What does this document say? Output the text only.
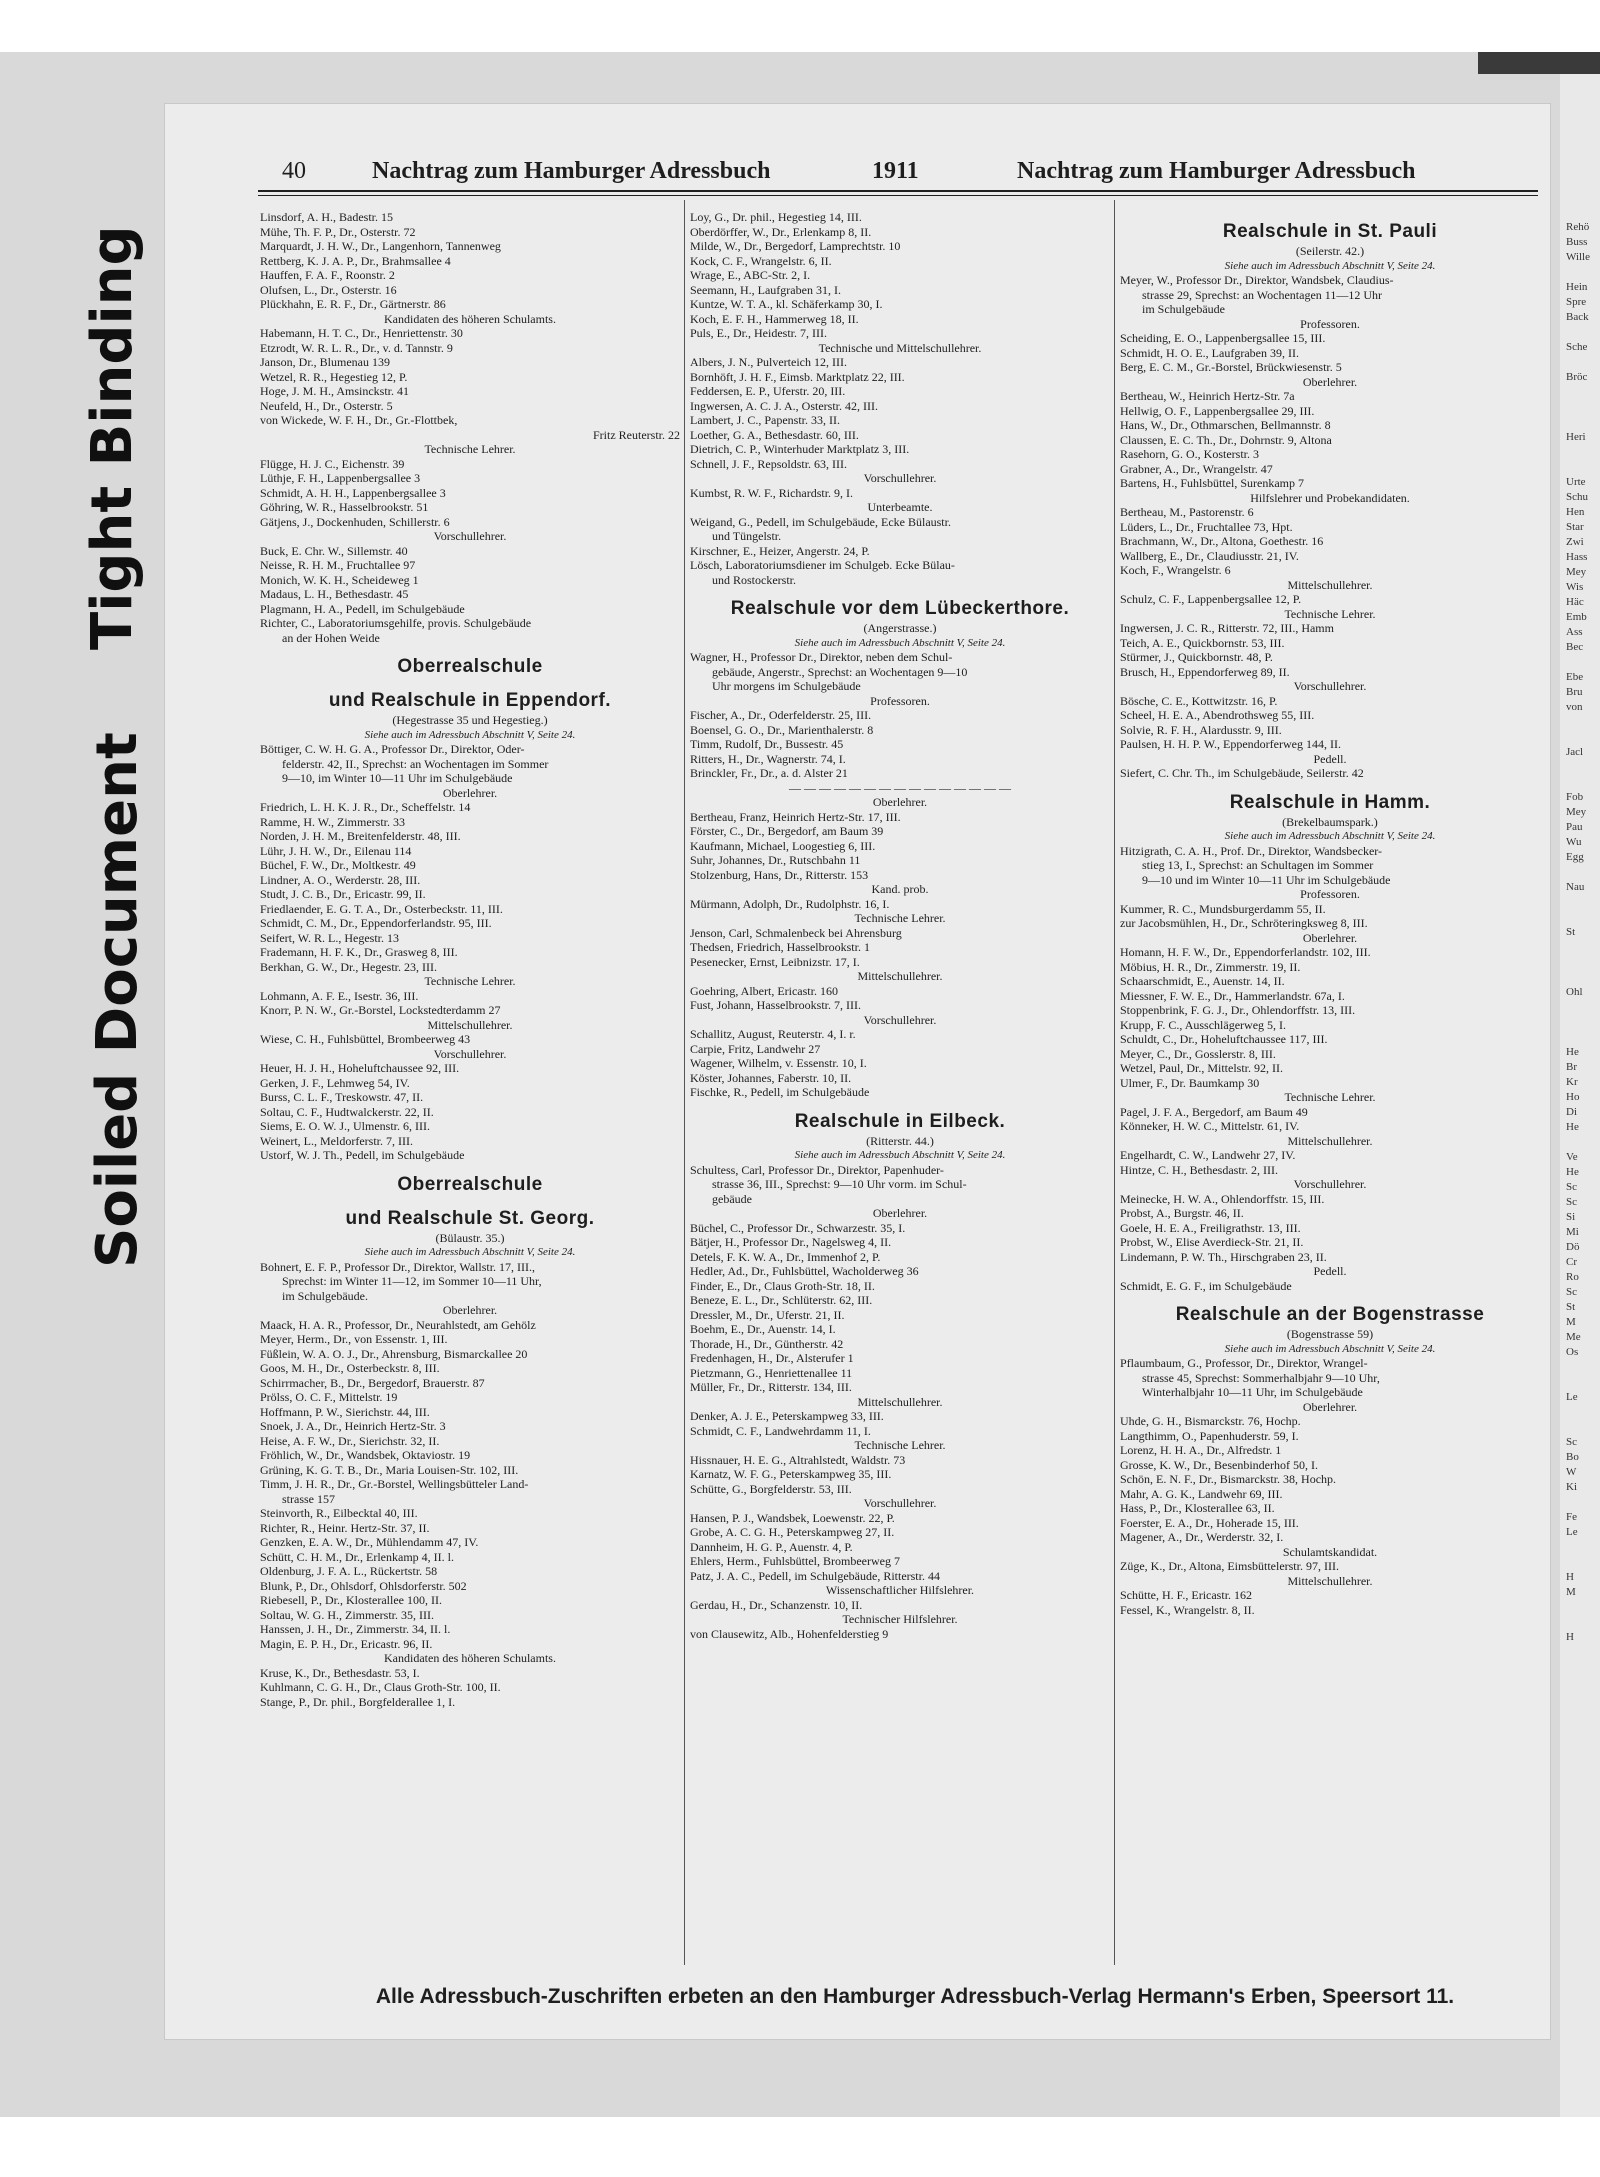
Tight Binding
Soiled Document
40	Nachtrag zum Hamburger Adressbuch	1911	Nachtrag zum Hamburger Adressbuch
Linsdorf, A. H., Badestr. 15
Mühe, Th. F. P., Dr., Osterstr. 72
Marquardt, J. H. W., Dr., Langenhorn, Tannenweg
Rettberg, K. J. A. P., Dr., Brahmsallee 4
Hauffen, F. A. F., Roonstr. 2
Olufsen, L., Dr., Osterstr. 16
Plückhahn, E. R. F., Dr., Gärtnerstr. 86
Kandidaten des höheren Schulamts.
Habemann, H. T. C., Dr., Henriettenstr. 30
Etzrodt, W. R. L. R., Dr., v. d. Tannstr. 9
Janson, Dr., Blumenau 139
Wetzel, R. R., Hegestieg 12, P.
Hoge, J. M. H., Amsinckstr. 41
Neufeld, H., Dr., Osterstr. 5
von Wickede, W. F. H., Dr., Gr.-Flottbek,
Fritz Reuterstr. 22
Technische Lehrer.
Flügge, H. J. C., Eichenstr. 39
Lüthje, F. H., Lappenbergsallee 3
Schmidt, A. H. H., Lappenbergsallee 3
Göhring, W. R., Hasselbrookstr. 51
Gätjens, J., Dockenhuden, Schillerstr. 6
Vorschullehrer.
Buck, E. Chr. W., Sillemstr. 40
Neisse, R. H. M., Fruchtallee 97
Monich, W. K. H., Scheideweg 1
Madaus, L. H., Bethesdastr. 45
Plagmann, H. A., Pedell, im Schulgebäude
Richter, C., Laboratoriumsgehilfe, provis. Schulgebäude
an der Hohen Weide
Oberrealschule
und Realschule in Eppendorf.
(Hegestrasse 35 und Hegestieg.)
Siehe auch im Adressbuch Abschnitt V, Seite 24.
Böttiger, C. W. H. G. A., Professor Dr., Direktor, Oder-
felderstr. 42, II., Sprechst: an Wochentagen im Sommer
9—10, im Winter 10—11 Uhr im Schulgebäude
Oberlehrer.
Friedrich, L. H. K. J. R., Dr., Scheffelstr. 14
Ramme, H. W., Zimmerstr. 33
Norden, J. H. M., Breitenfelderstr. 48, III.
Lühr, J. H. W., Dr., Eilenau 114
Büchel, F. W., Dr., Moltkestr. 49
Lindner, A. O., Werderstr. 28, III.
Studt, J. C. B., Dr., Ericastr. 99, II.
Friedlaender, E. G. T. A., Dr., Osterbeckstr. 11, III.
Schmidt, C. M., Dr., Eppendorferlandstr. 95, III.
Seifert, W. R. L., Hegestr. 13
Frademann, H. F. K., Dr., Grasweg 8, III.
Berkhan, G. W., Dr., Hegestr. 23, III.
Technische Lehrer.
Lohmann, A. F. E., Isestr. 36, III.
Knorr, P. N. W., Gr.-Borstel, Lockstedterdamm 27
Mittelschullehrer.
Wiese, C. H., Fuhlsbüttel, Brombeerweg 43
Vorschullehrer.
Heuer, H. J. H., Hoheluftchaussee 92, III.
Gerken, J. F., Lehmweg 54, IV.
Burss, C. L. F., Treskowstr. 47, II.
Soltau, C. F., Hudtwalckerstr. 22, II.
Siems, E. O. W. J., Ulmenstr. 6, III.
Weinert, L., Meldorferstr. 7, III.
Ustorf, W. J. Th., Pedell, im Schulgebäude
Oberrealschule
und Realschule St. Georg.
(Bülaustr. 35.)
Siehe auch im Adressbuch Abschnitt V, Seite 24.
Bohnert, E. F. P., Professor Dr., Direktor, Wallstr. 17, III.,
Sprechst: im Winter 11—12, im Sommer 10—11 Uhr,
im Schulgebäude.
Oberlehrer.
Maack, H. A. R., Professor, Dr., Neurahlstedt, am Gehölz
Meyer, Herm., Dr., von Essenstr. 1, III.
Füßlein, W. A. O. J., Dr., Ahrensburg, Bismarckallee 20
Goos, M. H., Dr., Osterbeckstr. 8, III.
Schirrmacher, B., Dr., Bergedorf, Brauerstr. 87
Prölss, O. C. F., Mittelstr. 19
Hoffmann, P. W., Sierichstr. 44, III.
Snoek, J. A., Dr., Heinrich Hertz-Str. 3
Heise, A. F. W., Dr., Sierichstr. 32, II.
Fröhlich, W., Dr., Wandsbek, Oktaviostr. 19
Grüning, K. G. T. B., Dr., Maria Louisen-Str. 102, III.
Timm, J. H. R., Dr., Gr.-Borstel, Wellingsbütteler Land-
strasse 157
Steinvorth, R., Eilbecktal 40, III.
Richter, R., Heinr. Hertz-Str. 37, II.
Genzken, E. A. W., Dr., Mühlendamm 47, IV.
Schütt, C. H. M., Dr., Erlenkamp 4, II. l.
Oldenburg, J. F. A. L., Rückertstr. 58
Blunk, P., Dr., Ohlsdorf, Ohlsdorferstr. 502
Riebesell, P., Dr., Klosterallee 100, II.
Soltau, W. G. H., Zimmerstr. 35, III.
Hanssen, J. H., Dr., Zimmerstr. 34, II. l.
Magin, E. P. H., Dr., Ericastr. 96, II.
Kandidaten des höheren Schulamts.
Kruse, K., Dr., Bethesdastr. 53, I.
Kuhlmann, C. G. H., Dr., Claus Groth-Str. 100, II.
Stange, P., Dr. phil., Borgfelderallee 1, I.
Loy, G., Dr. phil., Hegestieg 14, III.
Oberdörffer, W., Dr., Erlenkamp 8, II.
Milde, W., Dr., Bergedorf, Lamprechtstr. 10
Kock, C. F., Wrangelstr. 6, II.
Wrage, E., ABC-Str. 2, I.
Seemann, H., Laufgraben 31, I.
Kuntze, W. T. A., kl. Schäferkamp 30, I.
Koch, E. F. H., Hammerweg 18, II.
Puls, E., Dr., Heidestr. 7, III.
Technische und Mittelschullehrer.
Albers, J. N., Pulverteich 12, III.
Bornhöft, J. H. F., Eimsb. Marktplatz 22, III.
Feddersen, E. P., Uferstr. 20, III.
Ingwersen, A. C. J. A., Osterstr. 42, III.
Lambert, J. C., Papenstr. 33, II.
Loether, G. A., Bethesdastr. 60, III.
Dietrich, C. P., Winterhuder Marktplatz 3, III.
Schnell, J. F., Repsoldstr. 63, III.
Vorschullehrer.
Kumbst, R. W. F., Richardstr. 9, I.
Unterbeamte.
Weigand, G., Pedell, im Schulgebäude, Ecke Bülaustr.
und Tüngelstr.
Kirschner, E., Heizer, Angerstr. 24, P.
Lösch, Laboratoriumsdiener im Schulgeb. Ecke Bülau-
und Rostockerstr.
Realschule vor dem Lübeckerthore.
(Angerstrasse.)
Siehe auch im Adressbuch Abschnitt V, Seite 24.
Wagner, H., Professor Dr., Direktor, neben dem Schul-
gebäude, Angerstr., Sprechst: an Wochentagen 9—10
Uhr morgens im Schulgebäude
Professoren.
Fischer, A., Dr., Oderfelderstr. 25, III.
Boensel, G. O., Dr., Marienthalerstr. 8
Timm, Rudolf, Dr., Bussestr. 45
Ritters, H., Dr., Wagnerstr. 74, I.
Brinckler, Fr., Dr., a. d. Alster 21
— — — — — — — — — — — — — — —
Oberlehrer.
Bertheau, Franz, Heinrich Hertz-Str. 17, III.
Förster, C., Dr., Bergedorf, am Baum 39
Kaufmann, Michael, Loogestieg 6, III.
Suhr, Johannes, Dr., Rutschbahn 11
Stolzenburg, Hans, Dr., Ritterstr. 153
Kand. prob.
Mürmann, Adolph, Dr., Rudolphstr. 16, I.
Technische Lehrer.
Jenson, Carl, Schmalenbeck bei Ahrensburg
Thedsen, Friedrich, Hasselbrookstr. 1
Pesenecker, Ernst, Leibnizstr. 17, I.
Mittelschullehrer.
Goehring, Albert, Ericastr. 160
Fust, Johann, Hasselbrookstr. 7, III.
Vorschullehrer.
Schallitz, August, Reuterstr. 4, I. r.
Carpie, Fritz, Landwehr 27
Wagener, Wilhelm, v. Essenstr. 10, I.
Köster, Johannes, Faberstr. 10, II.
Fischke, R., Pedell, im Schulgebäude
Realschule in Eilbeck.
(Ritterstr. 44.)
Siehe auch im Adressbuch Abschnitt V, Seite 24.
Schultess, Carl, Professor Dr., Direktor, Papenhuder-
strasse 36, III., Sprechst: 9—10 Uhr vorm. im Schul-
gebäude
Oberlehrer.
Büchel, C., Professor Dr., Schwarzestr. 35, I.
Bätjer, H., Professor Dr., Nagelsweg 4, II.
Detels, F. K. W. A., Dr., Immenhof 2, P.
Hedler, Ad., Dr., Fuhlsbüttel, Wacholderweg 36
Finder, E., Dr., Claus Groth-Str. 18, II.
Beneze, E. L., Dr., Schlüterstr. 62, III.
Dressler, M., Dr., Uferstr. 21, II.
Boehm, E., Dr., Auenstr. 14, I.
Thorade, H., Dr., Güntherstr. 42
Fredenhagen, H., Dr., Alsterufer 1
Pietzmann, G., Henriettenallee 11
Müller, Fr., Dr., Ritterstr. 134, III.
Mittelschullehrer.
Denker, A. J. E., Peterskampweg 33, III.
Schmidt, C. F., Landwehrdamm 11, I.
Technische Lehrer.
Hissnauer, H. E. G., Altrahlstedt, Waldstr. 73
Karnatz, W. F. G., Peterskampweg 35, III.
Schütte, G., Borgfelderstr. 53, III.
Vorschullehrer.
Hansen, P. J., Wandsbek, Loewenstr. 22, P.
Grobe, A. C. G. H., Peterskampweg 27, II.
Dannheim, H. G. P., Auenstr. 4, P.
Ehlers, Herm., Fuhlsbüttel, Brombeerweg 7
Patz, J. A. C., Pedell, im Schulgebäude, Ritterstr. 44
Wissenschaftlicher Hilfslehrer.
Gerdau, H., Dr., Schanzenstr. 10, II.
Technischer Hilfslehrer.
von Clausewitz, Alb., Hohenfelderstieg 9
Realschule in St. Pauli
(Seilerstr. 42.)
Siehe auch im Adressbuch Abschnitt V, Seite 24.
Meyer, W., Professor Dr., Direktor, Wandsbek, Claudius-
strasse 29, Sprechst: an Wochentagen 11—12 Uhr
im Schulgebäude
Professoren.
Scheiding, E. O., Lappenbergsallee 15, III.
Schmidt, H. O. E., Laufgraben 39, II.
Berg, E. C. M., Gr.-Borstel, Brückwiesenstr. 5
Oberlehrer.
Bertheau, W., Heinrich Hertz-Str. 7a
Hellwig, O. F., Lappenbergsallee 29, III.
Hans, W., Dr., Othmarschen, Bellmannstr. 8
Claussen, E. C. Th., Dr., Dohrnstr. 9, Altona
Rasehorn, G. O., Kosterstr. 3
Grabner, A., Dr., Wrangelstr. 47
Bartens, H., Fuhlsbüttel, Surenkamp 7
Hilfslehrer und Probekandidaten.
Bertheau, M., Pastorenstr. 6
Lüders, L., Dr., Fruchtallee 73, Hpt.
Brachmann, W., Dr., Altona, Goethestr. 16
Wallberg, E., Dr., Claudiusstr. 21, IV.
Koch, F., Wrangelstr. 6
Mittelschullehrer.
Schulz, C. F., Lappenbergsallee 12, P.
Technische Lehrer.
Ingwersen, J. C. R., Ritterstr. 72, III., Hamm
Teich, A. E., Quickbornstr. 53, III.
Stürmer, J., Quickbornstr. 48, P.
Brusch, H., Eppendorferweg 89, II.
Vorschullehrer.
Bösche, C. E., Kottwitzstr. 16, P.
Scheel, H. E. A., Abendrothsweg 55, III.
Solvie, R. F. H., Alardusstr. 9, III.
Paulsen, H. H. P. W., Eppendorferweg 144, II.
Pedell.
Siefert, C. Chr. Th., im Schulgebäude, Seilerstr. 42
Realschule in Hamm.
(Brekelbaumspark.)
Siehe auch im Adressbuch Abschnitt V, Seite 24.
Hitzigrath, C. A. H., Prof. Dr., Direktor, Wandsbecker-
stieg 13, I., Sprechst: an Schultagen im Sommer
9—10 und im Winter 10—11 Uhr im Schulgebäude
Professoren.
Kummer, R. C., Mundsburgerdamm 55, II.
zur Jacobsmühlen, H., Dr., Schröteringksweg 8, III.
Oberlehrer.
Homann, H. F. W., Dr., Eppendorferlandstr. 102, III.
Möbius, H. R., Dr., Zimmerstr. 19, II.
Schaarschmidt, E., Auenstr. 14, II.
Miessner, F. W. E., Dr., Hammerlandstr. 67a, I.
Stoppenbrink, F. G. J., Dr., Ohlendorffstr. 13, III.
Krupp, F. C., Ausschlägerweg 5, I.
Schuldt, C., Dr., Hoheluftchaussee 117, III.
Meyer, C., Dr., Gosslerstr. 8, III.
Wetzel, Paul, Dr., Mittelstr. 92, II.
Ulmer, F., Dr. Baumkamp 30
Technische Lehrer.
Pagel, J. F. A., Bergedorf, am Baum 49
Könneker, H. W. C., Mittelstr. 61, IV.
Mittelschullehrer.
Engelhardt, C. W., Landwehr 27, IV.
Hintze, C. H., Bethesdastr. 2, III.
Vorschullehrer.
Meinecke, H. W. A., Ohlendorffstr. 15, III.
Probst, A., Burgstr. 46, II.
Goele, H. E. A., Freiligrathstr. 13, III.
Probst, W., Elise Averdieck-Str. 21, II.
Lindemann, P. W. Th., Hirschgraben 23, II.
Pedell.
Schmidt, E. G. F., im Schulgebäude
Realschule an der Bogenstrasse
(Bogenstrasse 59)
Siehe auch im Adressbuch Abschnitt V, Seite 24.
Pflaumbaum, G., Professor, Dr., Direktor, Wrangel-
strasse 45, Sprechst: Sommerhalbjahr 9—10 Uhr,
Winterhalbjahr 10—11 Uhr, im Schulgebäude
Oberlehrer.
Uhde, G. H., Bismarckstr. 76, Hochp.
Langthimm, O., Papenhuderstr. 59, I.
Lorenz, H. H. A., Dr., Alfredstr. 1
Grosse, K. W., Dr., Besenbinderhof 50, I.
Schön, E. N. F., Dr., Bismarckstr. 38, Hochp.
Mahr, A. G. K., Landwehr 69, III.
Hass, P., Dr., Klosterallee 63, II.
Foerster, E. A., Dr., Hoherade 15, III.
Magener, A., Dr., Werderstr. 32, I.
Schulamtskandidat.
Züge, K., Dr., Altona, Eimsbüttelerstr. 97, III.
Mittelschullehrer.
Schütte, H. F., Ericastr. 162
Fessel, K., Wrangelstr. 8, II.
Alle Adressbuch-Zuschriften erbeten an den Hamburger Adressbuch-Verlag Hermann's Erben, Speersort 11.
Rehö
Buss
Wille
Hein
Spre
Back
Sche
Bröc
Heri
Urte
Schu
Hen
Star
Zwi
Hass
Mey
Wis
Häc
Emb
Ass
Bec
Ebe
Bru
von
Jacl
Fob
Mey
Pau
Wu
Egg
Nau
St
Ohl
He
Br
Kr
Ho
Di
He
Ve
He
Sc
Sc
Si
Mi
Dö
Cr
Ro
Sc
St
M
Me
Os
Le
Sc
Bo
W
Ki
Fe
Le
H
M
H
